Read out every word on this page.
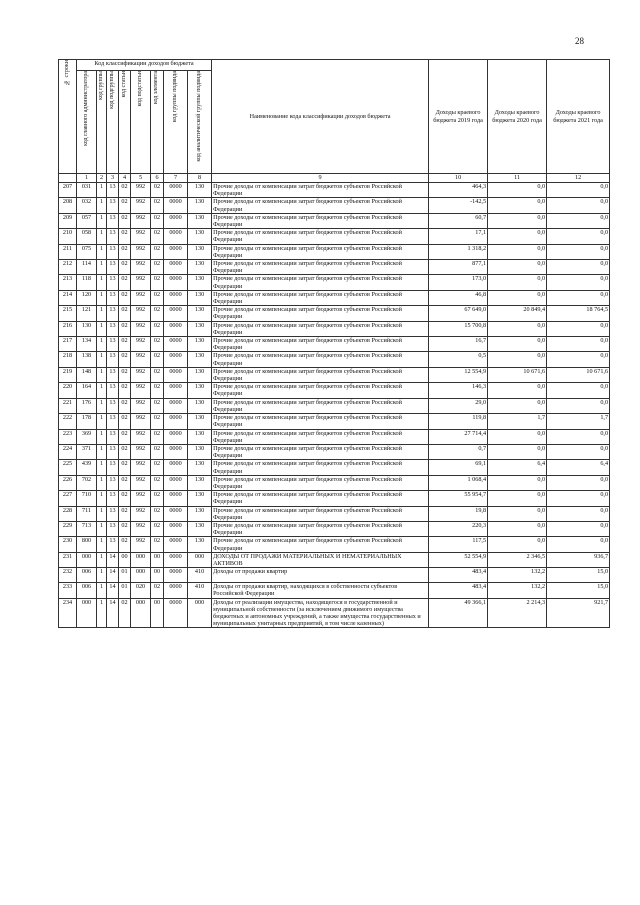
28
№ строки	Код классификации доходов бюджета								Наименование кода классификации доходов бюджета	Доходы краевого бюджета 2019 года	Доходы краевого бюджета 2020 года	Доходы краевого бюджета 2021 года

	код главного администратора	код группы	код подгруппы	код статьи	код подстатьи	код элемента	код группы подвида	код аналитической группы подвида				

	1	2	3	4	5	6	7	8	9	10	11	12
207	031	1	13	02	992	02	0000	130	Прочие доходы от компенсации затрат бюджетов субъектов Российской Федерации	464,3	0,0	0,0
208	032	1	13	02	992	02	0000	130	Прочие доходы от компенсации затрат бюджетов субъектов Российской Федерации	-142,5	0,0	0,0
209	057	1	13	02	992	02	0000	130	Прочие доходы от компенсации затрат бюджетов субъектов Российской Федерации	60,7	0,0	0,0
210	058	1	13	02	992	02	0000	130	Прочие доходы от компенсации затрат бюджетов субъектов Российской Федерации	17,1	0,0	0,0
211	075	1	13	02	992	02	0000	130	Прочие доходы от компенсации затрат бюджетов субъектов Российской Федерации	1 318,2	0,0	0,0
212	114	1	13	02	992	02	0000	130	Прочие доходы от компенсации затрат бюджетов субъектов Российской Федерации	877,1	0,0	0,0
213	118	1	13	02	992	02	0000	130	Прочие доходы от компенсации затрат бюджетов субъектов Российской Федерации	173,0	0,0	0,0
214	120	1	13	02	992	02	0000	130	Прочие доходы от компенсации затрат бюджетов субъектов Российской Федерации	46,8	0,0	0,0
215	121	1	13	02	992	02	0000	130	Прочие доходы от компенсации затрат бюджетов субъектов Российской Федерации	67 649,0	20 849,4	18 764,5
216	130	1	13	02	992	02	0000	130	Прочие доходы от компенсации затрат бюджетов субъектов Российской Федерации	15 700,8	0,0	0,0
217	134	1	13	02	992	02	0000	130	Прочие доходы от компенсации затрат бюджетов субъектов Российской Федерации	16,7	0,0	0,0
218	138	1	13	02	992	02	0000	130	Прочие доходы от компенсации затрат бюджетов субъектов Российской Федерации	0,5	0,0	0,0
219	148	1	13	02	992	02	0000	130	Прочие доходы от компенсации затрат бюджетов субъектов Российской Федерации	12 554,9	10 671,6	10 671,6
220	164	1	13	02	992	02	0000	130	Прочие доходы от компенсации затрат бюджетов субъектов Российской Федерации	146,3	0,0	0,0
221	176	1	13	02	992	02	0000	130	Прочие доходы от компенсации затрат бюджетов субъектов Российской Федерации	29,0	0,0	0,0
222	178	1	13	02	992	02	0000	130	Прочие доходы от компенсации затрат бюджетов субъектов Российской Федерации	119,8	1,7	1,7
223	369	1	13	02	992	02	0000	130	Прочие доходы от компенсации затрат бюджетов субъектов Российской Федерации	27 714,4	0,0	0,0
224	371	1	13	02	992	02	0000	130	Прочие доходы от компенсации затрат бюджетов субъектов Российской Федерации	0,7	0,0	0,0
225	439	1	13	02	992	02	0000	130	Прочие доходы от компенсации затрат бюджетов субъектов Российской Федерации	69,1	6,4	6,4
226	702	1	13	02	992	02	0000	130	Прочие доходы от компенсации затрат бюджетов субъектов Российской Федерации	1 068,4	0,0	0,0
227	710	1	13	02	992	02	0000	130	Прочие доходы от компенсации затрат бюджетов субъектов Российской Федерации	55 954,7	0,0	0,0
228	711	1	13	02	992	02	0000	130	Прочие доходы от компенсации затрат бюджетов субъектов Российской Федерации	19,8	0,0	0,0
229	713	1	13	02	992	02	0000	130	Прочие доходы от компенсации затрат бюджетов субъектов Российской Федерации	220,3	0,0	0,0
230	800	1	13	02	992	02	0000	130	Прочие доходы от компенсации затрат бюджетов субъектов Российской Федерации	117,5	0,0	0,0
231	000	1	14	00	000	00	0000	000	ДОХОДЫ ОТ ПРОДАЖИ МАТЕРИАЛЬНЫХ И НЕМАТЕРИАЛЬНЫХ АКТИВОВ	52 554,9	2 346,5	936,7
232	006	1	14	01	000	00	0000	410	Доходы от продажи квартир	483,4	132,2	15,0
233	006	1	14	01	020	02	0000	410	Доходы от продажи квартир, находящихся в собственности субъектов Российской Федерации	483,4	132,2	15,0
234	000	1	14	02	000	00	0000	000	Доходы от реализации имущества, находящегося в государственной и муниципальной собственности (за исключением движимого имущества бюджетных и автономных учреждений, а также имущества государственных и муниципальных унитарных предприятий, в том числе казенных)	49 366,1	2 214,3	921,7
